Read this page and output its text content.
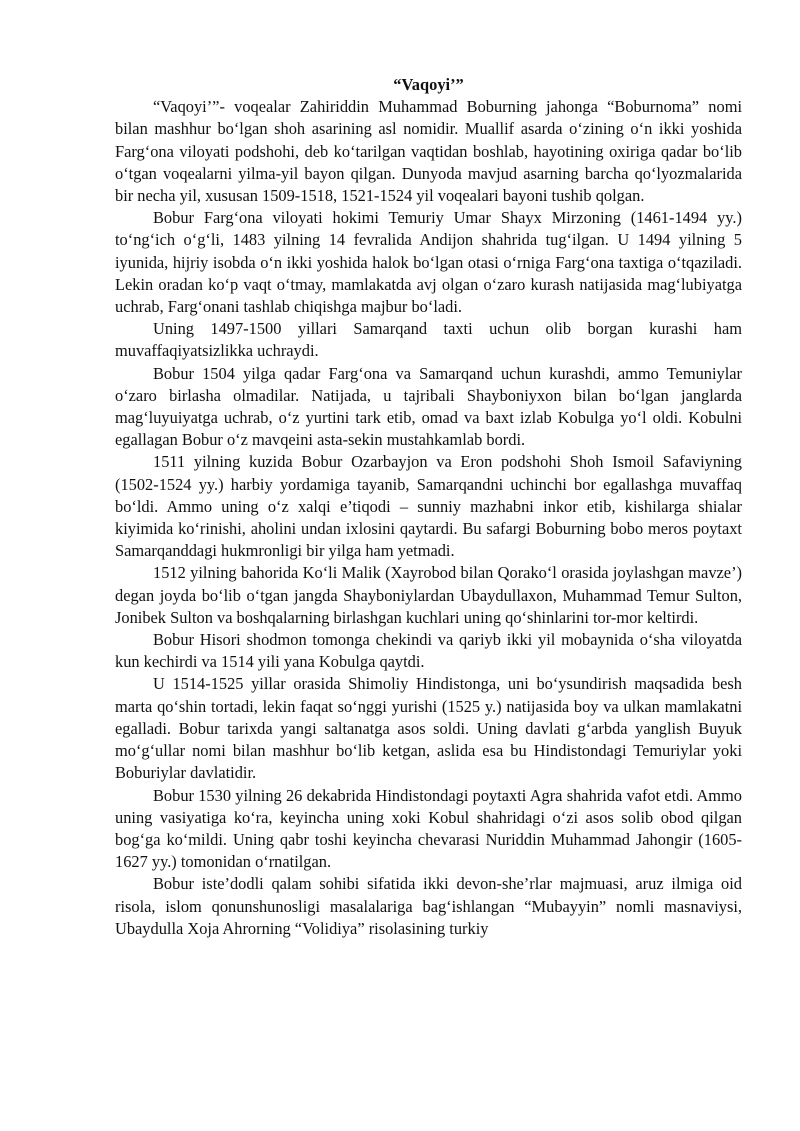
“Vaqoyi’”

“Vaqoyi’”- voqealar Zahiriddin Muhammad Boburning jahonga “Boburnoma” nomi bilan mashhur boʻlgan shoh asarining asl nomidir. Muallif asarda oʻzining oʻn ikki yoshida Fargʻona viloyati podshohi, deb koʻtarilgan vaqtidan boshlab, hayotining oxiriga qadar boʻlib oʻtgan voqealarni yilma-yil bayon qilgan. Dunyoda mavjud asarning barcha qoʻlyozmalarida bir necha yil, xususan 1509-1518, 1521-1524 yil voqealari bayoni tushib qolgan.

Bobur Fargʻona viloyati hokimi Temuriy Umar Shayx Mirzoning (1461-1494 yy.) toʻngʻich oʻgʻli, 1483 yilning 14 fevralida Andijon shahrida tugʻilgan. U 1494 yilning 5 iyunida, hijriy isobda oʻn ikki yoshida halok boʻlgan otasi oʻrniga Fargʻona taxtiga oʻtqaziladi. Lekin oradan koʻp vaqt oʻtmay, mamlakatda avj olgan oʻzaro kurash natijasida magʻlubiyatga uchrab, Fargʻonani tashlab chiqishga majbur boʻladi.

Uning 1497-1500 yillari Samarqand taxti uchun olib borgan kurashi ham muvaffaqiyatsizlikka uchraydi.

Bobur 1504 yilga qadar Fargʻona va Samarqand uchun kurashdi, ammo Temuniylar oʻzaro birlasha olmadilar. Natijada, u tajribali Shayboniyxon bilan boʻlgan janglarda magʻluyuiyatga uchrab, oʻz yurtini tark etib, omad va baxt izlab Kobulga yoʻl oldi. Kobulni egallagan Bobur oʻz mavqeini asta-sekin mustahkamlab bordi.

1511 yilning kuzida Bobur Ozarbayjon va Eron podshohi Shoh Ismoil Safaviyning (1502-1524 yy.) harbiy yordamiga tayanib, Samarqandni uchinchi bor egallashga muvaffaq boʻldi. Ammo uning oʻz xalqi e’tiqodi – sunniy mazhabni inkor etib, kishilarga shialar kiyimida koʻrinishi, aholini undan ixlosini qaytardi. Bu safargi Boburning bobo meros poytaxt Samarqanddagi hukmronligi bir yilga ham yetmadi.

1512 yilning bahorida Koʻli Malik (Xayrobod bilan Qorakoʻl orasida joylashgan mavze’) degan joyda boʻlib oʻtgan jangda Shayboniylardan Ubaydullaxon, Muhammad Temur Sulton, Jonibek Sulton va boshqalarning birlashgan kuchlari uning qoʻshinlarini tor-mor keltirdi.

Bobur Hisori shodmon tomonga chekindi va qariyb ikki yil mobaynida oʻsha viloyatda kun kechirdi va 1514 yili yana Kobulga qaytdi.

U 1514-1525 yillar orasida Shimoliy Hindistonga, uni boʻysundirish maqsadida besh marta qoʻshin tortadi, lekin faqat soʻnggi yurishi (1525 y.) natijasida boy va ulkan mamlakatni egalladi. Bobur tarixda yangi saltanatga asos soldi. Uning davlati gʻarbda yanglish Buyuk moʻgʻullar nomi bilan mashhur boʻlib ketgan, aslida esa bu Hindistondagi Temuriylar yoki Boburiylar davlatidir.

Bobur 1530 yilning 26 dekabrida Hindistondagi poytaxti Agra shahrida vafot etdi. Ammo uning vasiyatiga koʻra, keyincha uning xoki Kobul shahridagi oʻzi asos solib obod qilgan bogʻga koʻmildi. Uning qabr toshi keyincha chevarasi Nuriddin Muhammad Jahongir (1605-1627 yy.) tomonidan oʻrnatilgan.

Bobur iste’dodli qalam sohibi sifatida ikki devon-she’rlar majmuasi, aruz ilmiga oid risola, islom qonunshunosligi masalalariga bagʻishlangan “Mubayyin” nomli masnaviysi, Ubaydulla Xoja Ahrorning “Volidiya” risolasining turkiy
